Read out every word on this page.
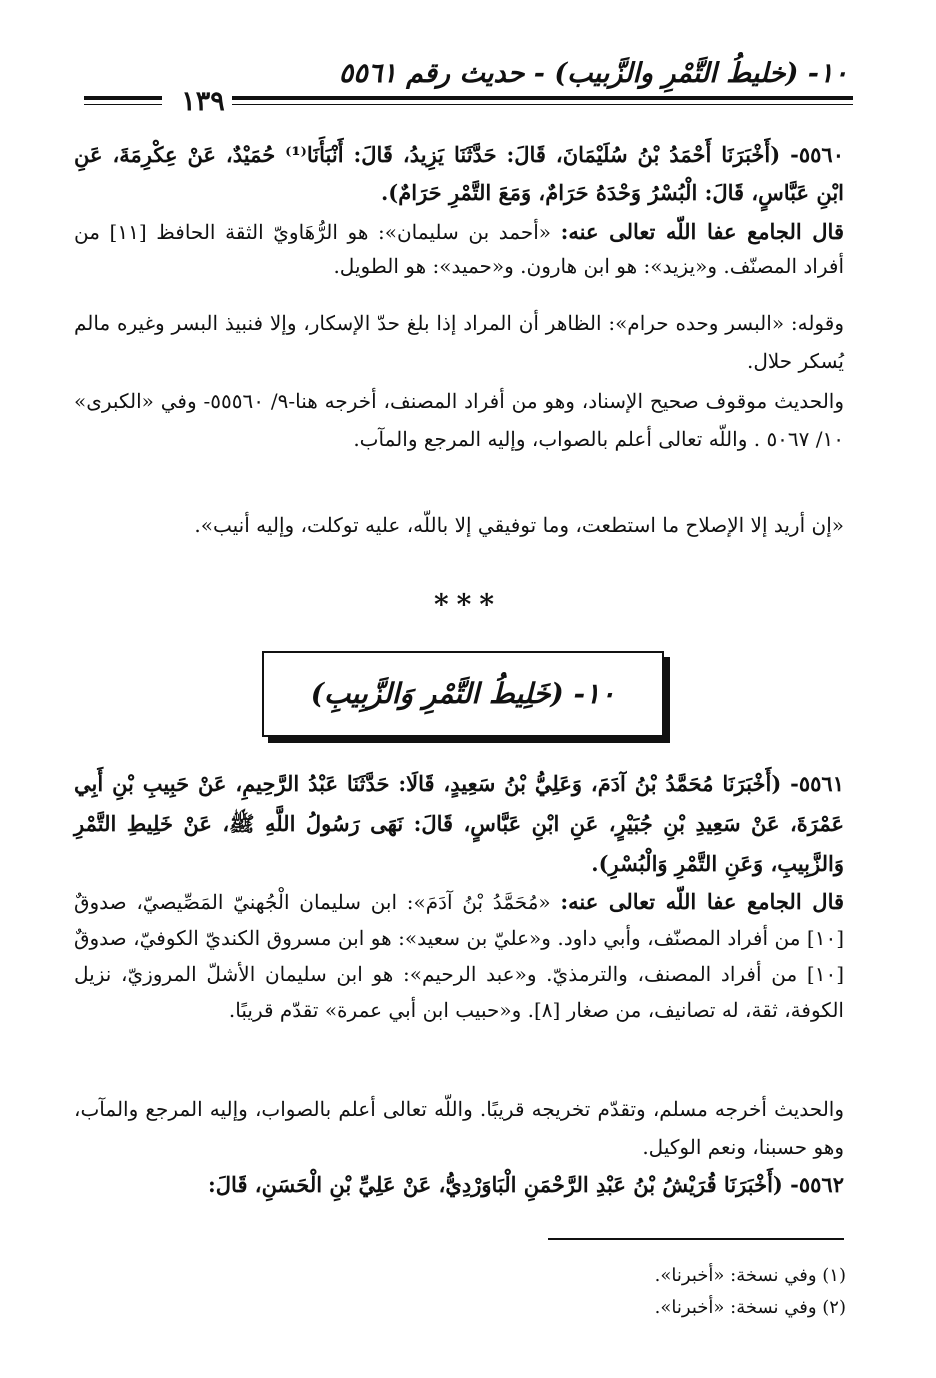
١٠- (خليطُ التَّمْرِ والزَّبيب) - حديث رقم ٥٥٦١
١٣٩
٥٥٦٠- (أَخْبَرَنَا أَحْمَدُ بْنُ سُلَيْمَانَ، قَالَ: حَدَّثَنَا يَزِيدُ، قَالَ: أَنْبَأَنَا⁽¹⁾ حُمَيْدٌ، عَنْ عِكْرِمَةَ، عَنِ ابْنِ عَبَّاسٍ، قَالَ: الْبُسْرُ وَحْدَهُ حَرَامٌ، وَمَعَ التَّمْرِ حَرَامٌ).
قال الجامع عفا اللّه تعالى عنه: «أحمد بن سليمان»: هو الرُّهَاويّ الثقة الحافظ [١١] من أفراد المصنّف. و«يزيد»: هو ابن هارون. و«حميد»: هو الطويل.
وقوله: «البسر وحده حرام»: الظاهر أن المراد إذا بلغ حدّ الإسكار، وإلا فنبيذ البسر وغيره مالم يُسكر حلال.
والحديث موقوف صحيح الإسناد، وهو من أفراد المصنف، أخرجه هنا-٩/ ٥٥٥٦٠- وفي «الكبرى» ١٠/ ٥٠٦٧ . واللّه تعالى أعلم بالصواب، وإليه المرجع والمآب.
«إن أريد إلا الإصلاح ما استطعت، وما توفيقي إلا باللّه، عليه توكلت، وإليه أنيب».
***
١٠- (خَلِيطُ التَّمْرِ وَالزَّبِيبِ)
٥٥٦١- (أَخْبَرَنَا مُحَمَّدُ بْنُ آدَمَ، وَعَلِيُّ بْنُ سَعِيدٍ، قَالَا: حَدَّثَنَا عَبْدُ الرَّحِيمِ، عَنْ حَبِيبِ بْنِ أَبِي عَمْرَةَ، عَنْ سَعِيدِ بْنِ جُبَيْرٍ، عَنِ ابْنِ عَبَّاسٍ، قَالَ: نَهَى رَسُولُ اللَّهِ ﷺ، عَنْ خَلِيطِ التَّمْرِ وَالزَّبِيبِ، وَعَنِ التَّمْرِ وَالْبُسْرِ).
قال الجامع عفا اللّه تعالى عنه: «مُحَمَّدُ بْنُ آدَمَ»: ابن سليمان الْجُهنيّ المَصِّيصيّ، صدوقٌ [١٠] من أفراد المصنّف، وأبي داود. و«عليّ بن سعيد»: هو ابن مسروق الكنديّ الكوفيّ، صدوقٌ [١٠] من أفراد المصنف، والترمذيّ. و«عبد الرحيم»: هو ابن سليمان الأشلّ المروزيّ، نزيل الكوفة، ثقة، له تصانيف، من صغار [٨]. و«حبيب ابن أبي عمرة» تقدّم قريبًا.
والحديث أخرجه مسلم، وتقدّم تخريجه قريبًا. واللّه تعالى أعلم بالصواب، وإليه المرجع والمآب، وهو حسبنا، ونعم الوكيل.
٥٥٦٢- (أَخْبَرَنَا قُرَيْشُ بْنُ عَبْدِ الرَّحْمَنِ الْبَاوَرْدِيُّ، عَنْ عَلِيِّ بْنِ الْحَسَنِ، قَالَ:
(١) وفي نسخة: «أخبرنا».
(٢) وفي نسخة: «أخبرنا».
